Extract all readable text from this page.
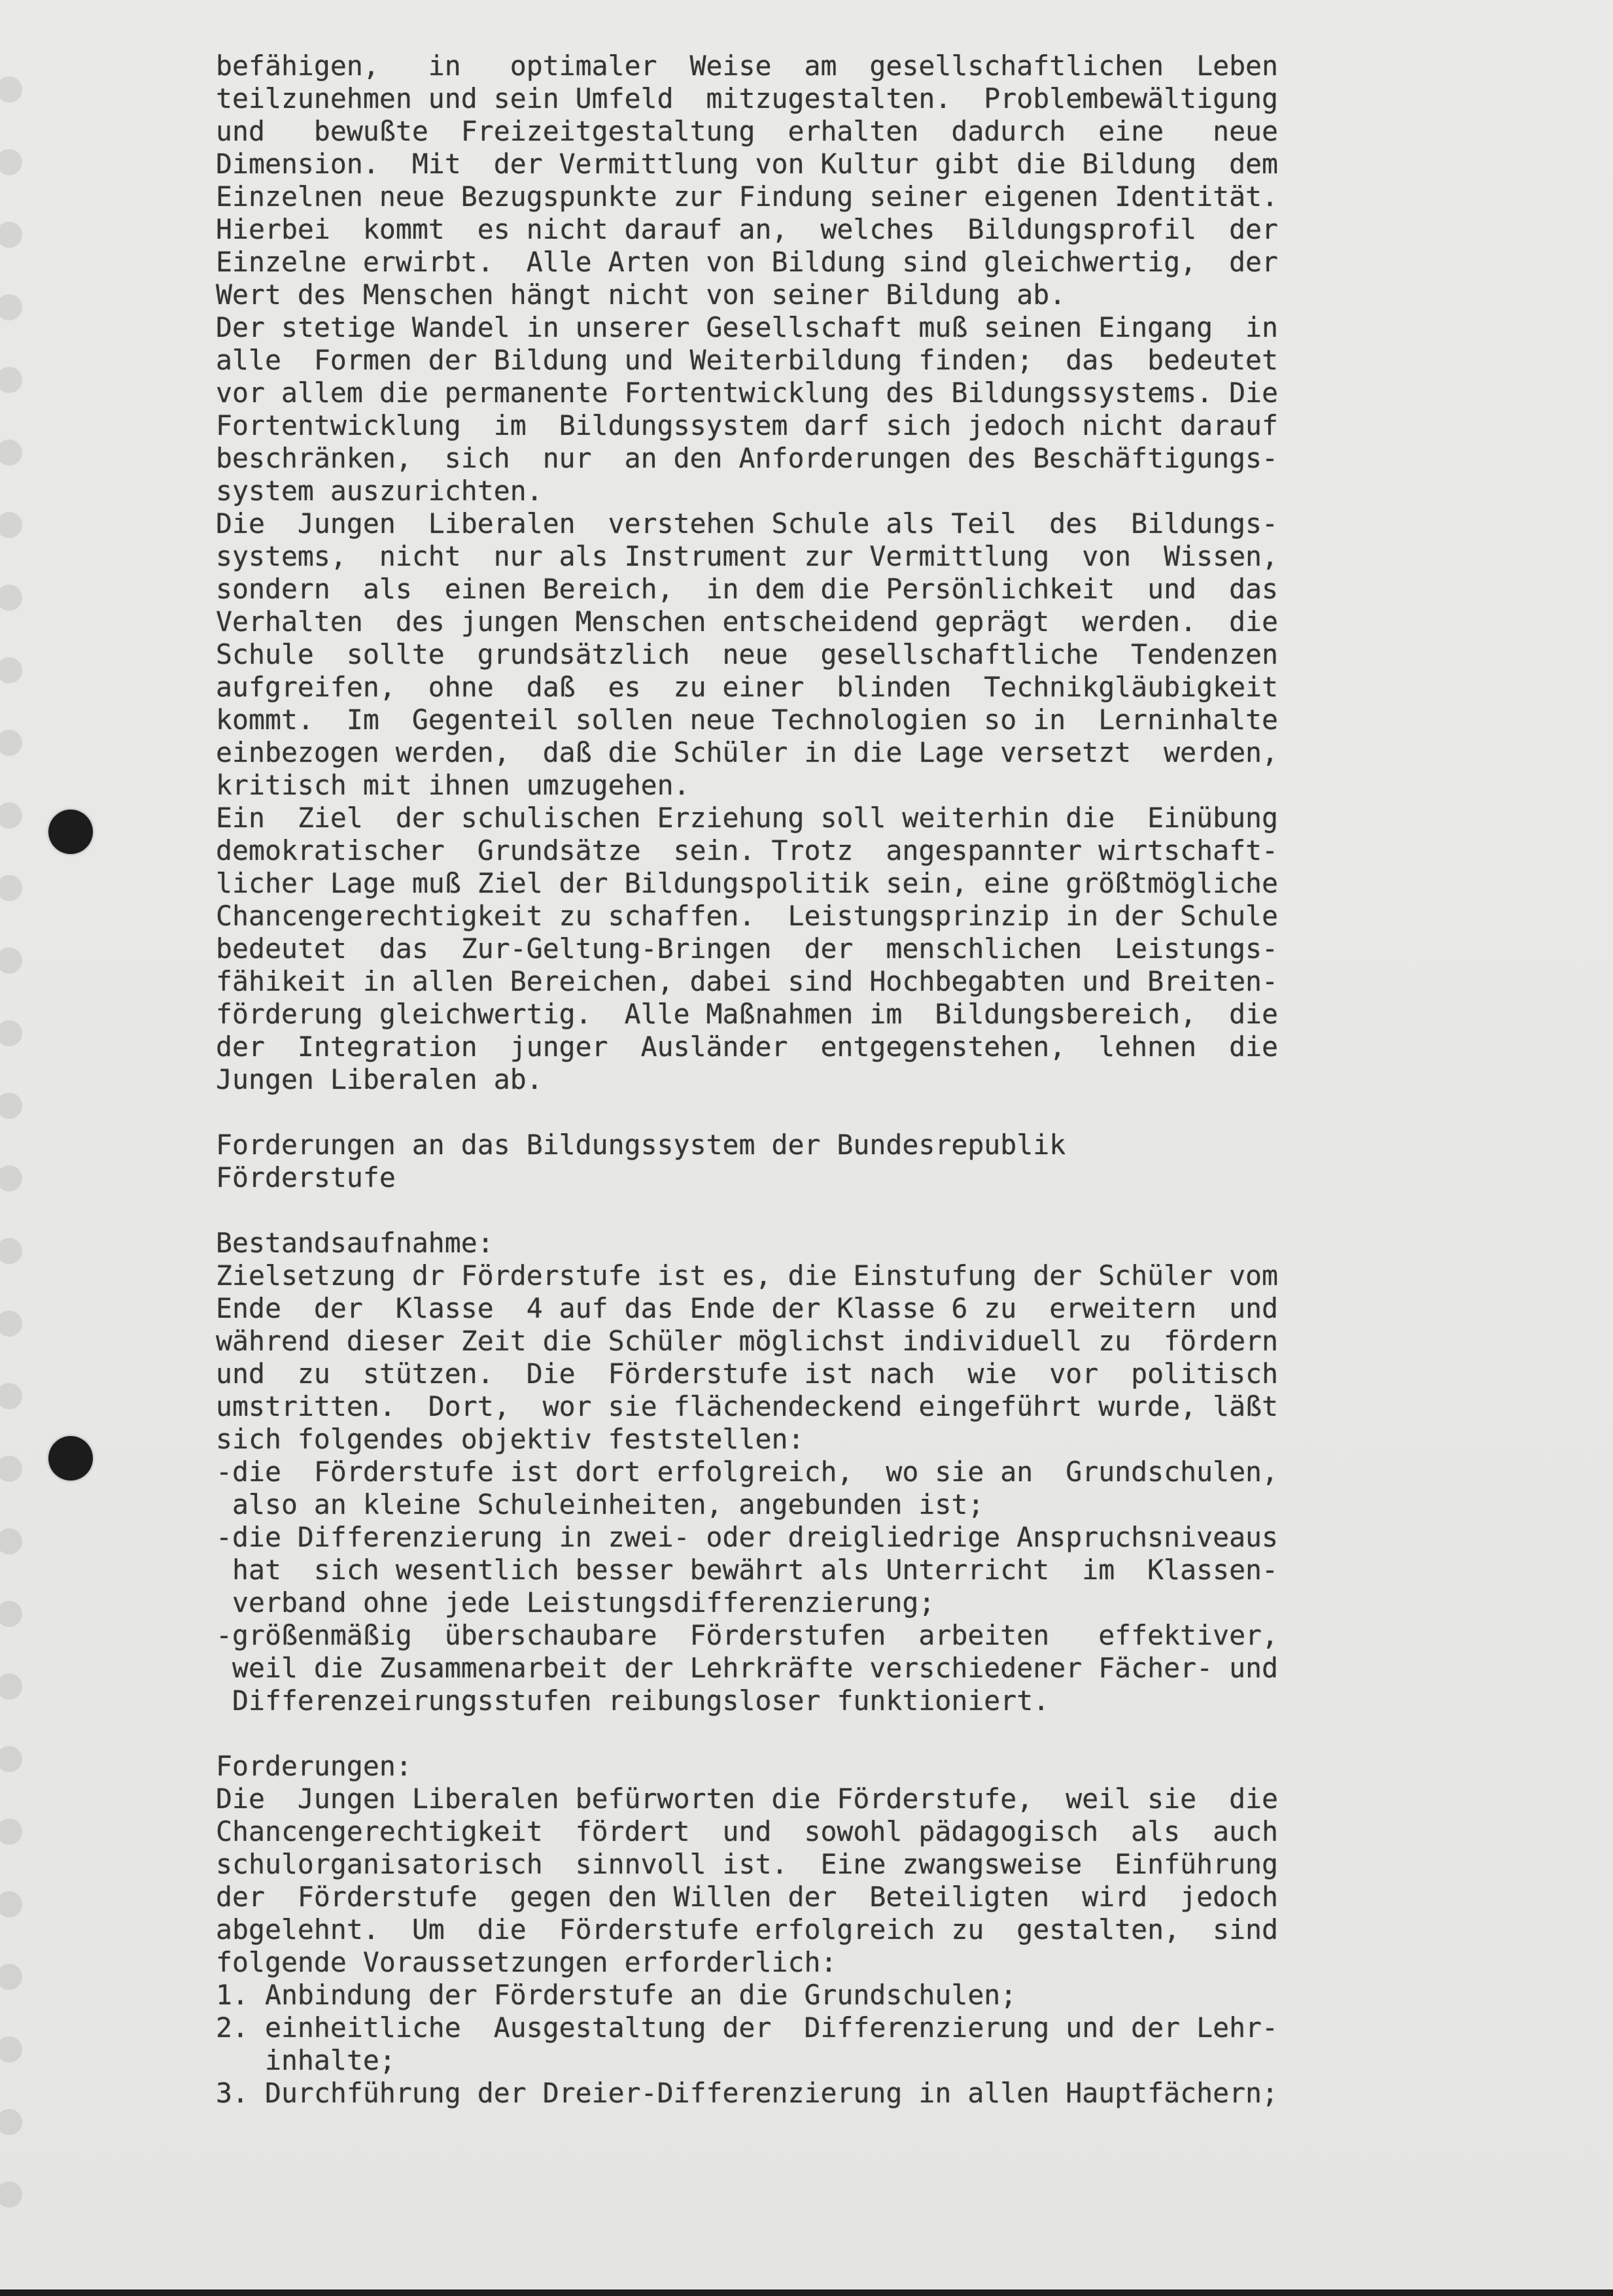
befähigen,   in   optimaler  Weise  am  gesellschaftlichen  Leben
teilzunehmen und sein Umfeld  mitzugestalten.  Problembewältigung
und   bewußte  Freizeitgestaltung  erhalten  dadurch  eine   neue
Dimension.  Mit  der Vermittlung von Kultur gibt die Bildung  dem
Einzelnen neue Bezugspunkte zur Findung seiner eigenen Identität.
Hierbei  kommt  es nicht darauf an,  welches  Bildungsprofil  der
Einzelne erwirbt.  Alle Arten von Bildung sind gleichwertig,  der
Wert des Menschen hängt nicht von seiner Bildung ab.
Der stetige Wandel in unserer Gesellschaft muß seinen Eingang  in
alle  Formen der Bildung und Weiterbildung finden;  das  bedeutet
vor allem die permanente Fortentwicklung des Bildungssystems. Die
Fortentwicklung  im  Bildungssystem darf sich jedoch nicht darauf
beschränken,  sich  nur  an den Anforderungen des Beschäftigungs-
system auszurichten.
Die  Jungen  Liberalen  verstehen Schule als Teil  des  Bildungs-
systems,  nicht  nur als Instrument zur Vermittlung  von  Wissen,
sondern  als  einen Bereich,  in dem die Persönlichkeit  und  das
Verhalten  des jungen Menschen entscheidend geprägt  werden.  die
Schule  sollte  grundsätzlich  neue  gesellschaftliche  Tendenzen
aufgreifen,  ohne  daß  es  zu einer  blinden  Technikgläubigkeit
kommt.  Im  Gegenteil sollen neue Technologien so in  Lerninhalte
einbezogen werden,  daß die Schüler in die Lage versetzt  werden,
kritisch mit ihnen umzugehen.
Ein  Ziel  der schulischen Erziehung soll weiterhin die  Einübung
demokratischer  Grundsätze  sein. Trotz  angespannter wirtschaft-
licher Lage muß Ziel der Bildungspolitik sein, eine größtmögliche
Chancengerechtigkeit zu schaffen.  Leistungsprinzip in der Schule
bedeutet  das  Zur-Geltung-Bringen  der  menschlichen  Leistungs-
fähikeit in allen Bereichen, dabei sind Hochbegabten und Breiten-
förderung gleichwertig.  Alle Maßnahmen im  Bildungsbereich,  die
der  Integration  junger  Ausländer  entgegenstehen,  lehnen  die
Jungen Liberalen ab.

Forderungen an das Bildungssystem der Bundesrepublik
Förderstufe

Bestandsaufnahme:
Zielsetzung dr Förderstufe ist es, die Einstufung der Schüler vom
Ende  der  Klasse  4 auf das Ende der Klasse 6 zu  erweitern  und
während dieser Zeit die Schüler möglichst individuell zu  fördern
und  zu  stützen.  Die  Förderstufe ist nach  wie  vor  politisch
umstritten.  Dort,  wor sie flächendeckend eingeführt wurde, läßt
sich folgendes objektiv feststellen:
-die  Förderstufe ist dort erfolgreich,  wo sie an  Grundschulen,
also an kleine Schuleinheiten, angebunden ist;
-die Differenzierung in zwei- oder dreigliedrige Anspruchsniveaus
hat  sich wesentlich besser bewährt als Unterricht  im  Klassen-
verband ohne jede Leistungsdifferenzierung;
-größenmäßig  überschaubare  Förderstufen  arbeiten   effektiver,
weil die Zusammenarbeit der Lehrkräfte verschiedener Fächer- und
Differenzeirungsstufen reibungsloser funktioniert.

Forderungen:
Die  Jungen Liberalen befürworten die Förderstufe,  weil sie  die
Chancengerechtigkeit  fördert  und  sowohl pädagogisch  als  auch
schulorganisatorisch  sinnvoll ist.  Eine zwangsweise  Einführung
der  Förderstufe  gegen den Willen der  Beteiligten  wird  jedoch
abgelehnt.  Um  die  Förderstufe erfolgreich zu  gestalten,  sind
folgende Voraussetzungen erforderlich:
1. Anbindung der Förderstufe an die Grundschulen;
2. einheitliche  Ausgestaltung der  Differenzierung und der Lehr-
inhalte;
3. Durchführung der Dreier-Differenzierung in allen Hauptfächern;
